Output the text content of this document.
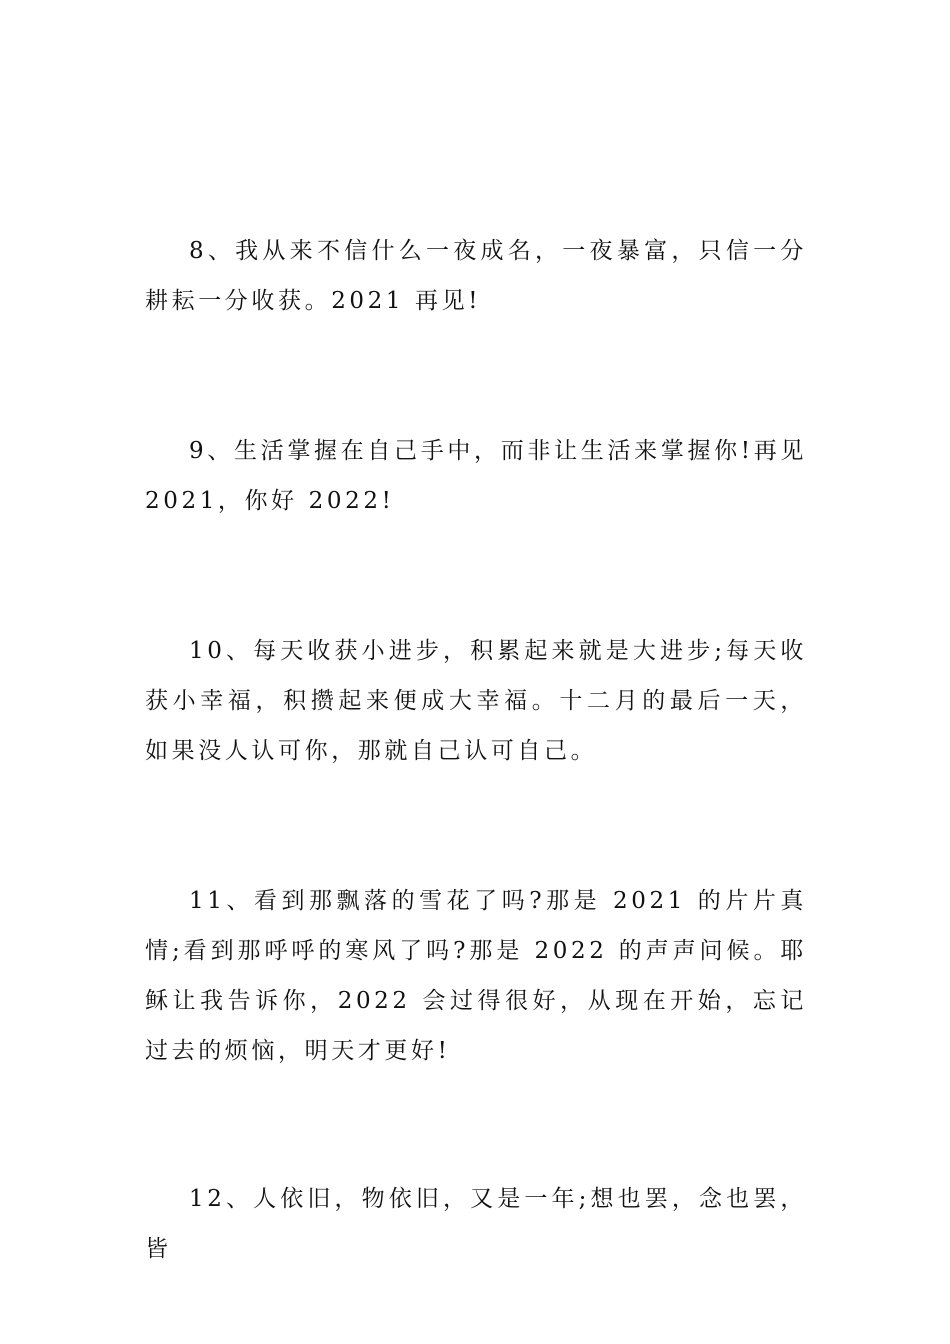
8、我从来不信什么一夜成名，一夜暴富，只信一分耕耘一分收获。2021 再见!

9、生活掌握在自己手中，而非让生活来掌握你!再见 2021，你好 2022!

10、每天收获小进步，积累起来就是大进步;每天收获小幸福，积攒起来便成大幸福。十二月的最后一天，如果没人认可你，那就自己认可自己。

11、看到那飘落的雪花了吗?那是 2021 的片片真情;看到那呼呼的寒风了吗?那是 2022 的声声问候。耶稣让我告诉你，2022 会过得很好，从现在开始，忘记过去的烦恼，明天才更好!

12、人依旧，物依旧，又是一年;想也罢，念也罢，皆
